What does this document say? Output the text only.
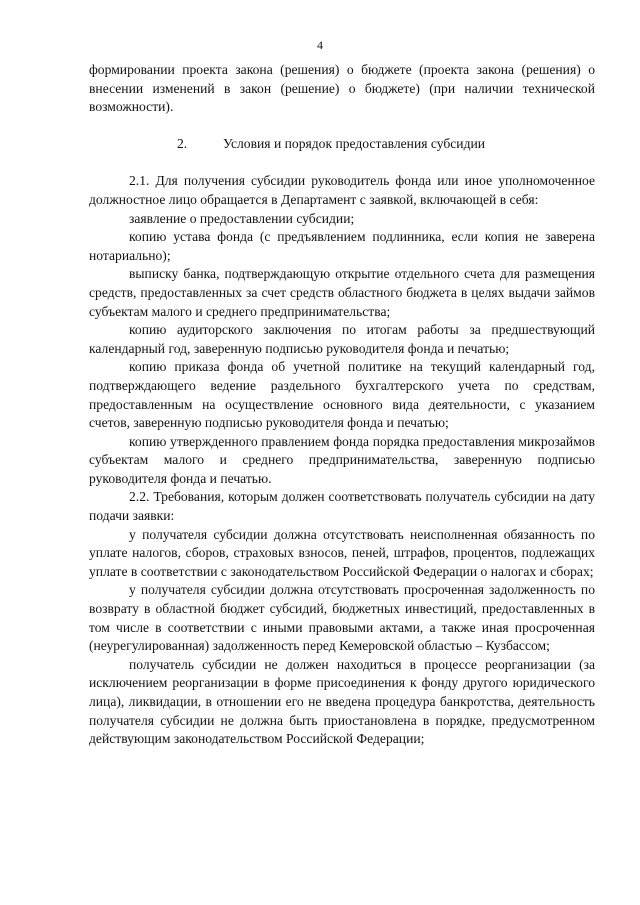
4

формировании проекта закона (решения) о бюджете (проекта закона (решения) о внесении изменений в закон (решение) о бюджете) (при наличии технической возможности).

2.	Условия и порядок предоставления субсидии

2.1. Для получения субсидии руководитель фонда или иное уполномоченное должностное лицо обращается в Департамент с заявкой, включающей в себя:

заявление о предоставлении субсидии;

копию устава фонда (с предъявлением подлинника, если копия не заверена нотариально);

выписку банка, подтверждающую открытие отдельного счета для размещения средств, предоставленных за счет средств областного бюджета в целях выдачи займов субъектам малого и среднего предпринимательства;

копию аудиторского заключения по итогам работы за предшествующий календарный год, заверенную подписью руководителя фонда и печатью;

копию приказа фонда об учетной политике на текущий календарный год, подтверждающего ведение раздельного бухгалтерского учета по средствам, предоставленным на осуществление основного вида деятельности, с указанием счетов, заверенную подписью руководителя фонда и печатью;

копию утвержденного правлением фонда порядка предоставления микрозаймов субъектам малого и среднего предпринимательства, заверенную подписью руководителя фонда и печатью.

2.2. Требования, которым должен соответствовать получатель субсидии на дату подачи заявки:

у получателя субсидии должна отсутствовать неисполненная обязанность по уплате налогов, сборов, страховых взносов, пеней, штрафов, процентов, подлежащих уплате в соответствии с законодательством Российской Федерации о налогах и сборах;

у получателя субсидии должна отсутствовать просроченная задолженность по возврату в областной бюджет субсидий, бюджетных инвестиций, предоставленных в том числе в соответствии с иными правовыми актами, а также иная просроченная (неурегулированная) задолженность перед Кемеровской областью – Кузбассом;

получатель субсидии не должен находиться в процессе реорганизации (за исключением реорганизации в форме присоединения к фонду другого юридического лица), ликвидации, в отношении его не введена процедура банкротства, деятельность получателя субсидии не должна быть приостановлена в порядке, предусмотренном действующим законодательством Российской Федерации;
